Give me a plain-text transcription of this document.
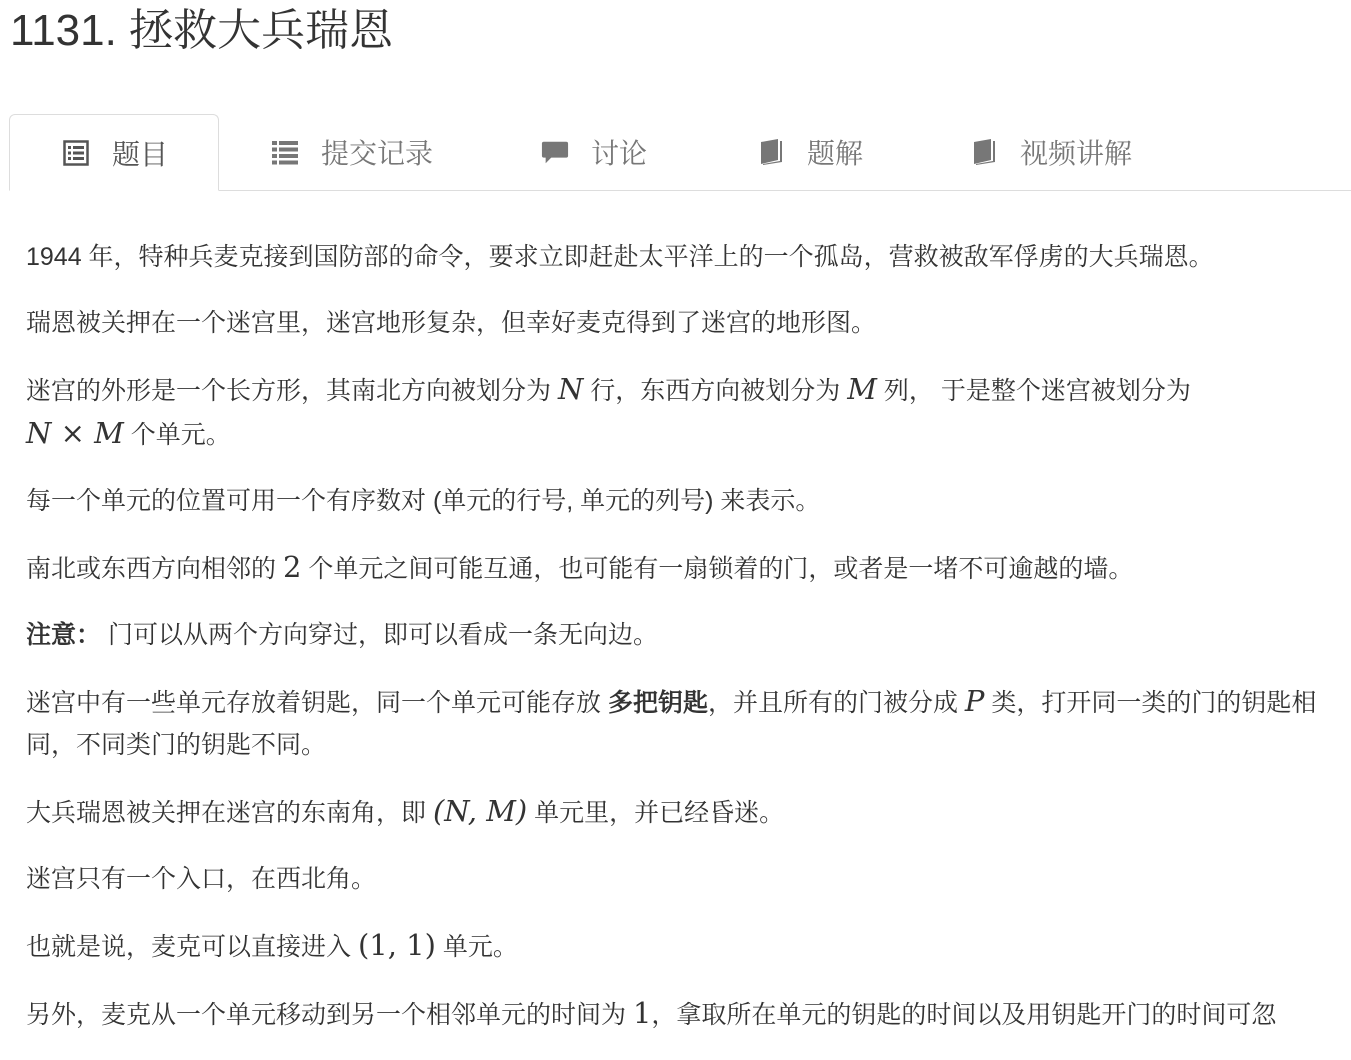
1131. 拯救大兵瑞恩
题目	提交记录	讨论	题解	视频讲解

1944 年，特种兵麦克接到国防部的命令，要求立即赶赴太平洋上的一个孤岛，营救被敌军俘虏的大兵瑞恩。

瑞恩被关押在一个迷宫里，迷宫地形复杂，但幸好麦克得到了迷宫的地形图。

迷宫的外形是一个长方形，其南北方向被划分为 N 行，东西方向被划分为 M 列， 于是整个迷宫被划分为
N × M 个单元。

每一个单元的位置可用一个有序数对 (单元的行号, 单元的列号) 来表示。

南北或东西方向相邻的 2 个单元之间可能互通，也可能有一扇锁着的门，或者是一堵不可逾越的墙。

注意： 门可以从两个方向穿过，即可以看成一条无向边。

迷宫中有一些单元存放着钥匙，同一个单元可能存放 多把钥匙，并且所有的门被分成 P 类，打开同一类的门的钥匙相同，不同类门的钥匙不同。

大兵瑞恩被关押在迷宫的东南角，即 (N, M) 单元里，并已经昏迷。

迷宫只有一个入口，在西北角。

也就是说，麦克可以直接进入 (1, 1) 单元。

另外，麦克从一个单元移动到另一个相邻单元的时间为 1，拿取所在单元的钥匙的时间以及用钥匙开门的时间可忽
